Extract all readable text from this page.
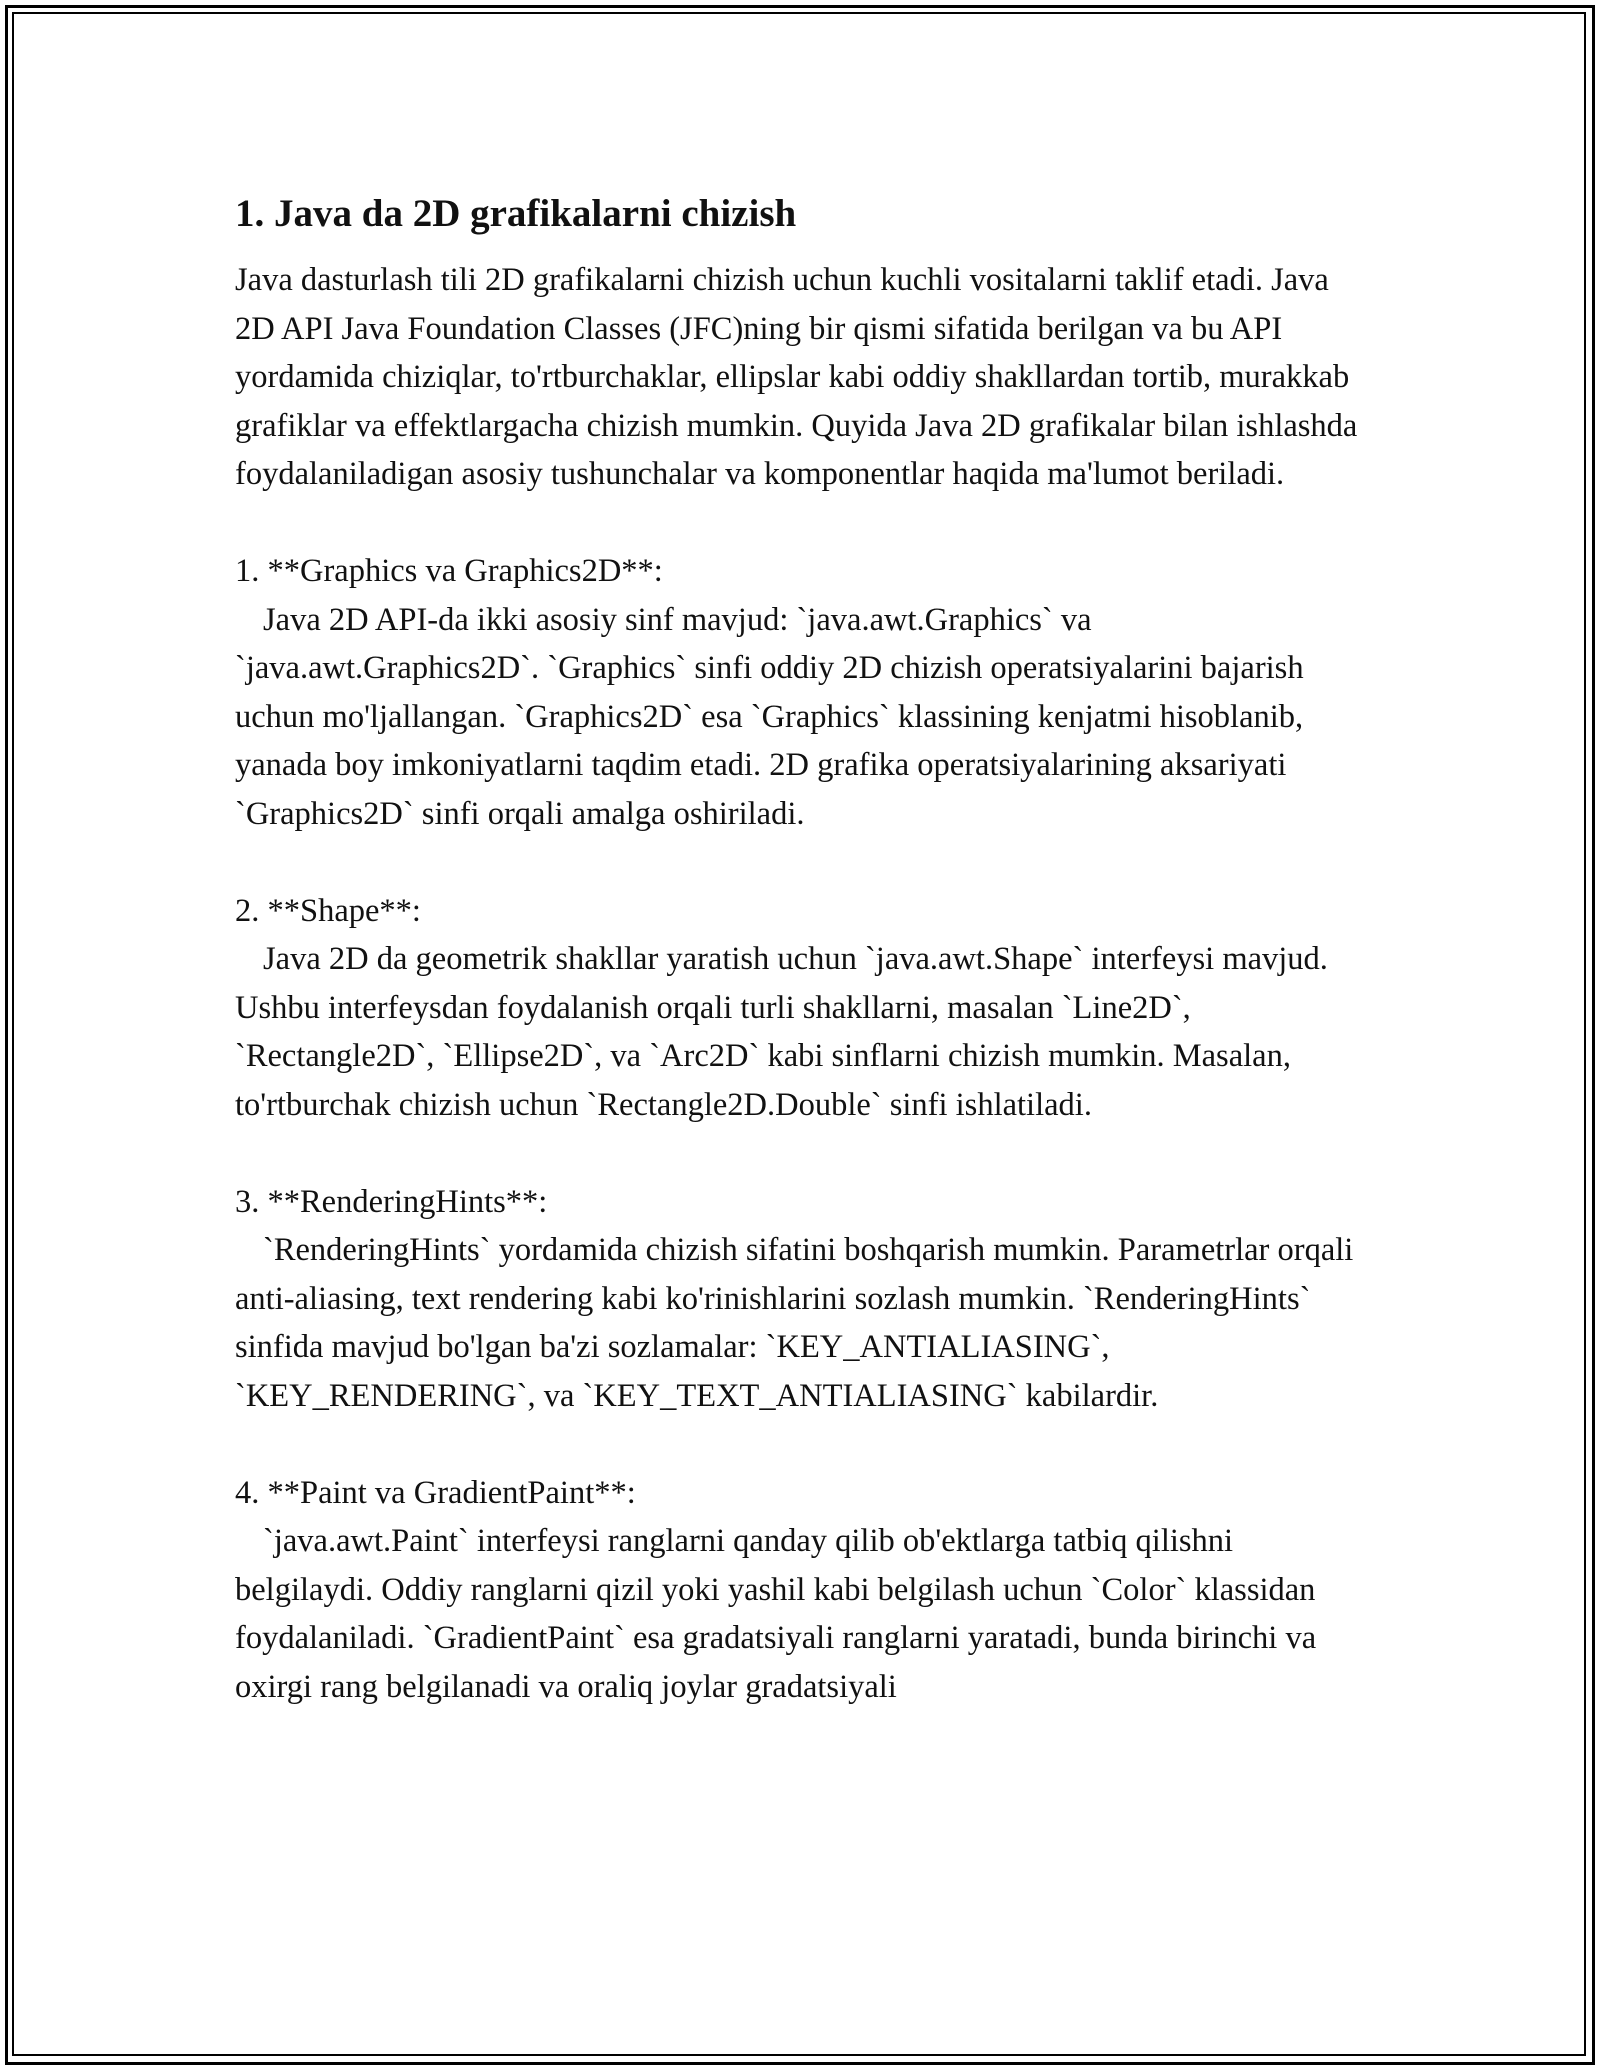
1. Java da 2D grafikalarni chizish

Java dasturlash tili 2D grafikalarni chizish uchun kuchli vositalarni taklif etadi. Java 2D API Java Foundation Classes (JFC)ning bir qismi sifatida berilgan va bu API yordamida chiziqlar, to'rtburchaklar, ellipslar kabi oddiy shakllardan tortib, murakkab grafiklar va effektlargacha chizish mumkin. Quyida Java 2D grafikalar bilan ishlashda foydalaniladigan asosiy tushunchalar va komponentlar haqida ma'lumot beriladi.

1. **Graphics va Graphics2D**:
Java 2D API-da ikki asosiy sinf mavjud: `java.awt.Graphics` va `java.awt.Graphics2D`. `Graphics` sinfi oddiy 2D chizish operatsiyalarini bajarish uchun mo'ljallangan. `Graphics2D` esa `Graphics` klassining kenjatmi hisoblanib, yanada boy imkoniyatlarni taqdim etadi. 2D grafika operatsiyalarining aksariyati `Graphics2D` sinfi orqali amalga oshiriladi.
2. **Shape**:
Java 2D da geometrik shakllar yaratish uchun `java.awt.Shape` interfeysi mavjud. Ushbu interfeysdan foydalanish orqali turli shakllarni, masalan `Line2D`, `Rectangle2D`, `Ellipse2D`, va `Arc2D` kabi sinflarni chizish mumkin. Masalan, to'rtburchak chizish uchun `Rectangle2D.Double` sinfi ishlatiladi.
3. **RenderingHints**:
`RenderingHints` yordamida chizish sifatini boshqarish mumkin. Parametrlar orqali anti-aliasing, text rendering kabi ko'rinishlarini sozlash mumkin. `RenderingHints` sinfida mavjud bo'lgan ba'zi sozlamalar: `KEY_ANTIALIASING`, `KEY_RENDERING`, va `KEY_TEXT_ANTIALIASING` kabilardir.
4. **Paint va GradientPaint**:
`java.awt.Paint` interfeysi ranglarni qanday qilib ob'ektlarga tatbiq qilishni belgilaydi. Oddiy ranglarni qizil yoki yashil kabi belgilash uchun `Color` klassidan foydalaniladi. `GradientPaint` esa gradatsiyali ranglarni yaratadi, bunda birinchi va oxirgi rang belgilanadi va oraliq joylar gradatsiyali
